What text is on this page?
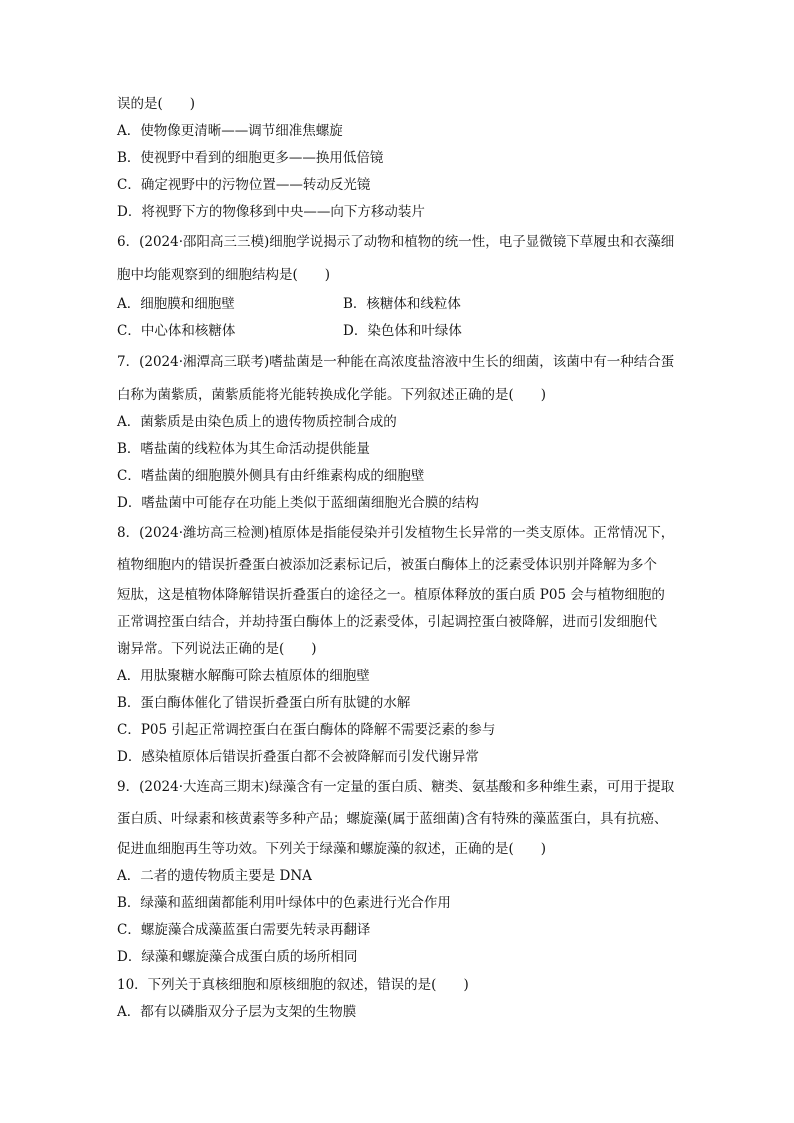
误的是(　　)
A．使物像更清晰——调节细准焦螺旋
B．使视野中看到的细胞更多——换用低倍镜
C．确定视野中的污物位置——转动反光镜
D．将视野下方的物像移到中央——向下方移动装片
6．(2024·邵阳高三三模)细胞学说揭示了动物和植物的统一性，电子显微镜下草履虫和衣藻细
胞中均能观察到的细胞结构是(　　)
A．细胞膜和细胞壁	B．核糖体和线粒体
C．中心体和核糖体	D．染色体和叶绿体
7．(2024·湘潭高三联考)嗜盐菌是一种能在高浓度盐溶液中生长的细菌，该菌中有一种结合蛋
白称为菌紫质，菌紫质能将光能转换成化学能。下列叙述正确的是(　　)
A．菌紫质是由染色质上的遗传物质控制合成的
B．嗜盐菌的线粒体为其生命活动提供能量
C．嗜盐菌的细胞膜外侧具有由纤维素构成的细胞壁
D．嗜盐菌中可能存在功能上类似于蓝细菌细胞光合膜的结构
8．(2024·潍坊高三检测)植原体是指能侵染并引发植物生长异常的一类支原体。正常情况下，
植物细胞内的错误折叠蛋白被添加泛素标记后，被蛋白酶体上的泛素受体识别并降解为多个
短肽，这是植物体降解错误折叠蛋白的途径之一。植原体释放的蛋白质 P05 会与植物细胞的
正常调控蛋白结合，并劫持蛋白酶体上的泛素受体，引起调控蛋白被降解，进而引发细胞代
谢异常。下列说法正确的是(　　)
A．用肽聚糖水解酶可除去植原体的细胞壁
B．蛋白酶体催化了错误折叠蛋白所有肽键的水解
C．P05 引起正常调控蛋白在蛋白酶体的降解不需要泛素的参与
D．感染植原体后错误折叠蛋白都不会被降解而引发代谢异常
9．(2024·大连高三期末)绿藻含有一定量的蛋白质、糖类、氨基酸和多种维生素，可用于提取
蛋白质、叶绿素和核黄素等多种产品；螺旋藻(属于蓝细菌)含有特殊的藻蓝蛋白，具有抗癌、
促进血细胞再生等功效。下列关于绿藻和螺旋藻的叙述，正确的是(　　)
A．二者的遗传物质主要是 DNA
B．绿藻和蓝细菌都能利用叶绿体中的色素进行光合作用
C．螺旋藻合成藻蓝蛋白需要先转录再翻译
D．绿藻和螺旋藻合成蛋白质的场所相同
10．下列关于真核细胞和原核细胞的叙述，错误的是(　　)
A．都有以磷脂双分子层为支架的生物膜
